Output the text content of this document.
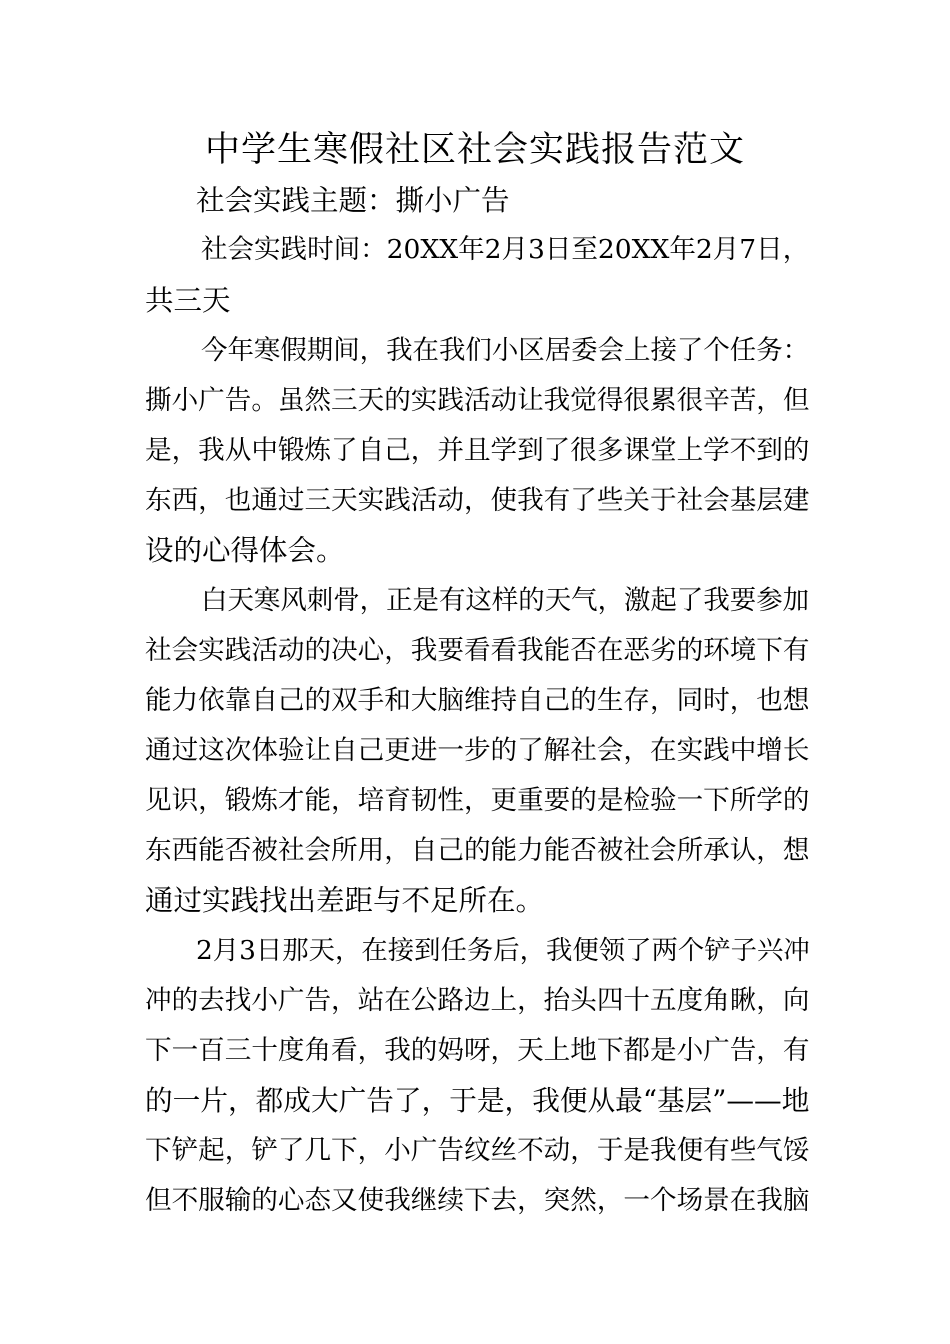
中学生寒假社区社会实践报告范文

社会实践主题：撕小广告

社会实践时间：20XX年2月3日至20XX年2月7日，

共三天

今年寒假期间，我在我们小区居委会上接了个任务：

撕小广告。虽然三天的实践活动让我觉得很累很辛苦，但

是，我从中锻炼了自己，并且学到了很多课堂上学不到的

东西，也通过三天实践活动，使我有了些关于社会基层建

设的心得体会。

白天寒风刺骨，正是有这样的天气，激起了我要参加

社会实践活动的决心，我要看看我能否在恶劣的环境下有

能力依靠自己的双手和大脑维持自己的生存，同时，也想

通过这次体验让自己更进一步的了解社会，在实践中增长

见识，锻炼才能，培育韧性，更重要的是检验一下所学的

东西能否被社会所用，自己的能力能否被社会所承认，想

通过实践找出差距与不足所在。

2月3日那天，在接到任务后，我便领了两个铲子兴冲

冲的去找小广告，站在公路边上，抬头四十五度角瞅，向

下一百三十度角看，我的妈呀，天上地下都是小广告，有

的一片，都成大广告了，于是，我便从最“基层”——地

下铲起，铲了几下，小广告纹丝不动，于是我便有些气馁

但不服输的心态又使我继续下去，突然，一个场景在我脑
